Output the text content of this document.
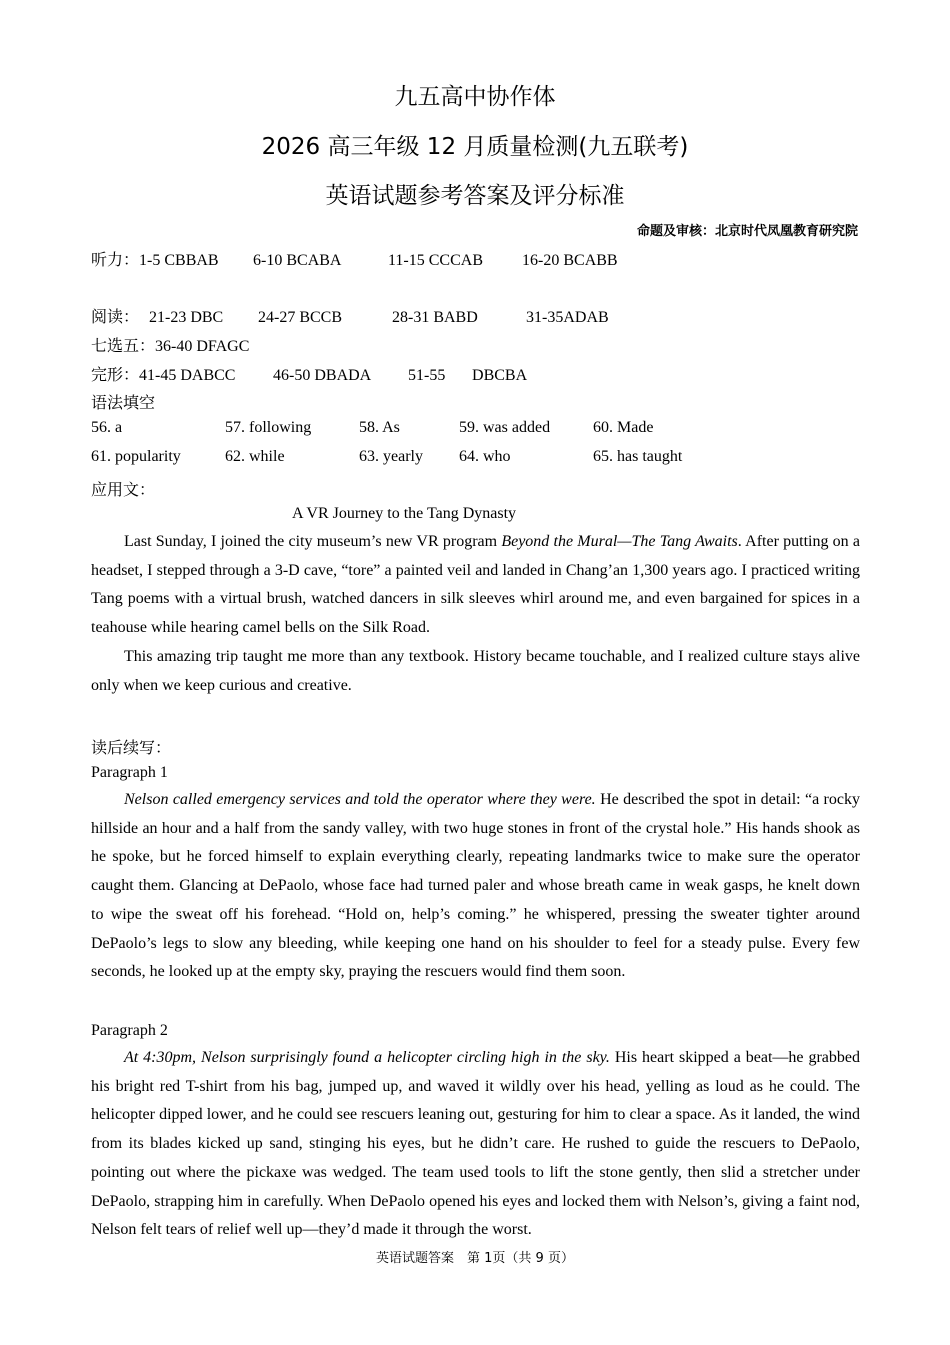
九五高中协作体
2026 高三年级 12 月质量检测(九五联考)
英语试题参考答案及评分标准
命题及审核：北京时代凤凰教育研究院
听力：1-5 CBBAB 6-10 BCABA	11-15 CCCAB 16-20 BCABB
阅读： 21-23 DBC 24-27 BCCB	28-31 BABD	31-35ADAB
七选五：36-40 DFAGC
完形：41-45 DABCC 46-50 DBADA 51-55 DBCBA
语法填空
56. a	57. following	58. As	59. was added	60. Made
61. popularity	62. while	63. yearly 64. who	65. has taught
应用文：
A VR Journey to the Tang Dynasty
Last Sunday, I joined the city museum’s new VR program Beyond the Mural—The Tang Awaits. After putting on a headset, I stepped through a 3-D cave, “tore” a painted veil and landed in Chang’an 1,300 years ago. I practiced writing Tang poems with a virtual brush, watched dancers in silk sleeves whirl around me, and even bargained for spices in a teahouse while hearing camel bells on the Silk Road.
This amazing trip taught me more than any textbook. History became touchable, and I realized culture stays alive only when we keep curious and creative.
读后续写：
Paragraph 1
Nelson called emergency services and told the operator where they were. He described the spot in detail: “a rocky hillside an hour and a half from the sandy valley, with two huge stones in front of the crystal hole.” His hands shook as he spoke, but he forced himself to explain everything clearly, repeating landmarks twice to make sure the operator caught them. Glancing at DePaolo, whose face had turned paler and whose breath came in weak gasps, he knelt down to wipe the sweat off his forehead. “Hold on, help’s coming.” he whispered, pressing the sweater tighter around DePaolo’s legs to slow any bleeding, while keeping one hand on his shoulder to feel for a steady pulse. Every few seconds, he looked up at the empty sky, praying the rescuers would find them soon.
Paragraph 2
At 4:30pm, Nelson surprisingly found a helicopter circling high in the sky. His heart skipped a beat—he grabbed his bright red T-shirt from his bag, jumped up, and waved it wildly over his head, yelling as loud as he could. The helicopter dipped lower, and he could see rescuers leaning out, gesturing for him to clear a space. As it landed, the wind from its blades kicked up sand, stinging his eyes, but he didn’t care. He rushed to guide the rescuers to DePaolo, pointing out where the pickaxe was wedged. The team used tools to lift the stone gently, then slid a stretcher under DePaolo, strapping him in carefully. When DePaolo opened his eyes and locked them with Nelson’s, giving a faint nod, Nelson felt tears of relief well up—they’d made it through the worst.
英语试题答案　第 1页（共 9 页）
